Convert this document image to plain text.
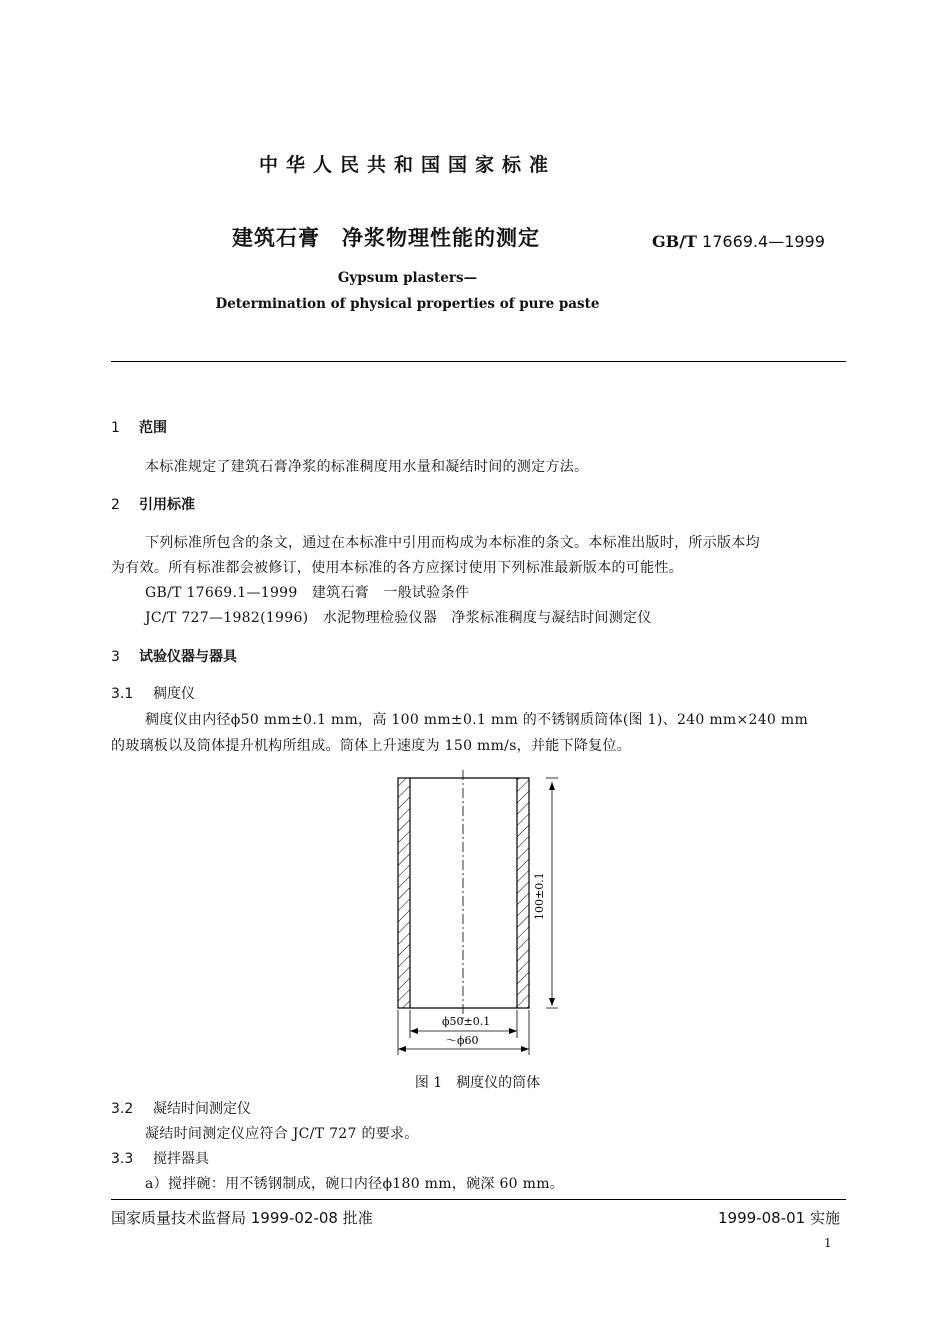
中华人民共和国国家标准
建筑石膏 净浆物理性能的测定	GB/T 17669.4—1999
Gypsum plasters—
Determination of physical properties of pure paste
1 范围
本标准规定了建筑石膏净浆的标准稠度用水量和凝结时间的测定方法。
2 引用标准
下列标准所包含的条文，通过在本标准中引用而构成为本标准的条文。本标准出版时，所示版本均
为有效。所有标准都会被修订，使用本标准的各方应探讨使用下列标准最新版本的可能性。
GB/T 17669.1—1999　建筑石膏　一般试验条件
JC/T 727—1982(1996)　水泥物理检验仪器　净浆标准稠度与凝结时间测定仪
3 试验仪器与器具
3.1 稠度仪
稠度仪由内径ϕ50 mm±0.1 mm，高 100 mm±0.1 mm 的不锈钢质筒体(图 1)、240 mm×240 mm
的玻璃板以及筒体提升机构所组成。筒体上升速度为 150 mm/s，并能下降复位。
100±0.1
ϕ50±0.1
～ϕ60
图 1　稠度仪的筒体
3.2 凝结时间测定仪
凝结时间测定仪应符合 JC/T 727 的要求。
3.3 搅拌器具
a）搅拌碗：用不锈钢制成，碗口内径ϕ180 mm，碗深 60 mm。
国家质量技术监督局 1999-02-08 批准	1999-08-01 实施
1
